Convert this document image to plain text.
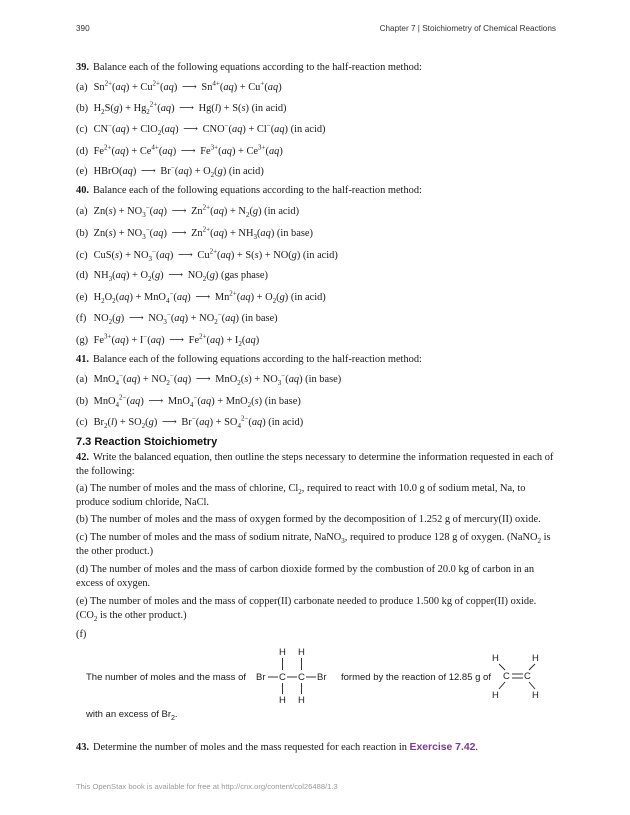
390	Chapter 7 | Stoichiometry of Chemical Reactions
39. Balance each of the following equations according to the half-reaction method:
(a) $Sn^{2+}(aq) + Cu^{2+}(aq)$ ⟶ $Sn^{4+}(aq) + Cu^+(aq)$
(b) $H_2S(g) + Hg_2^{2+}(aq)$ ⟶ Hg(l) + S(s) (in acid)
(c) CN−(aq) + ClO$_2$(aq) ⟶ CNO−(aq) + Cl−(aq) (in acid)
(d) $Fe^{2+}(aq) + Ce^{4+}(aq)$ ⟶ $Fe^{3+}(aq) + Ce^{3+}(aq)$
(e) HBrO(aq) ⟶ $Br^-(aq) + O_2(g)$ (in acid)
40. Balance each of the following equations according to the half-reaction method:
(a) $Zn(s) + NO_3^-(aq)$ ⟶ $Zn^{2+}(aq) + N_2(g)$ (in acid)
(b) $Zn(s) + NO_3^-(aq)$ ⟶ $Zn^{2+}(aq) + NH_3(aq)$ (in base)
(c) $CuS(s) + NO_3^-(aq)$ ⟶ $Cu^{2+}(aq) + S(s) + NO(g)$ (in acid)
(d) $NH_3(aq) + O_2(g)$ ⟶ $NO_2(g)$ (gas phase)
(e) $H_2O_2(aq) + MnO_4^-(aq)$ ⟶ $Mn^{2+}(aq) + O_2(g)$ (in acid)
(f) $NO_2(g)$ ⟶ $NO_3^-(aq) + NO_2^-(aq)$ (in base)
(g) $Fe^{3+}(aq) + I^-(aq)$ ⟶ $Fe^{2+}(aq) + I_2(aq)$
41. Balance each of the following equations according to the half-reaction method:
(a) $MnO_4^-(aq) + NO_2^-(aq)$ ⟶ $MnO_2(s) + NO_3^-(aq)$ (in base)
(b) MnO$_4^{2-}$(aq) ⟶ MnO$_4$−(aq) + MnO$_2$(s) (in base)
(c) $Br_2(l) + SO_2(g)$ ⟶ $Br^-(aq) + SO_4^{2-}(aq)$ (in acid)
7.3 Reaction Stoichiometry
42. Write the balanced equation, then outline the steps necessary to determine the information requested in each of the following:
(a) The number of moles and the mass of chlorine, $Cl_2$, required to react with 10.0 g of sodium metal, Na, to produce sodium chloride, NaCl.
(b) The number of moles and the mass of oxygen formed by the decomposition of 1.252 g of mercury(II) oxide.
(c) The number of moles and the mass of sodium nitrate, NaNO$_3$, required to produce 128 g of oxygen. (NaNO$_2$ is the other product.)
(d) The number of moles and the mass of carbon dioxide formed by the combustion of 20.0 kg of carbon in an excess of oxygen.
(e) The number of moles and the mass of copper(II) carbonate needed to produce 1.500 kg of copper(II) oxide. ($CO_2$ is the other product.)
(f)
The number of moles and the mass of Br C C Br
H H
H H
formed by the reaction of 12.85 g of
H	H
C C
H	H
with an excess of $Br_2$.
43. Determine the number of moles and the mass requested for each reaction in Exercise 7.42.
This OpenStax book is available for free at http://cnx.org/content/col26488/1.3
